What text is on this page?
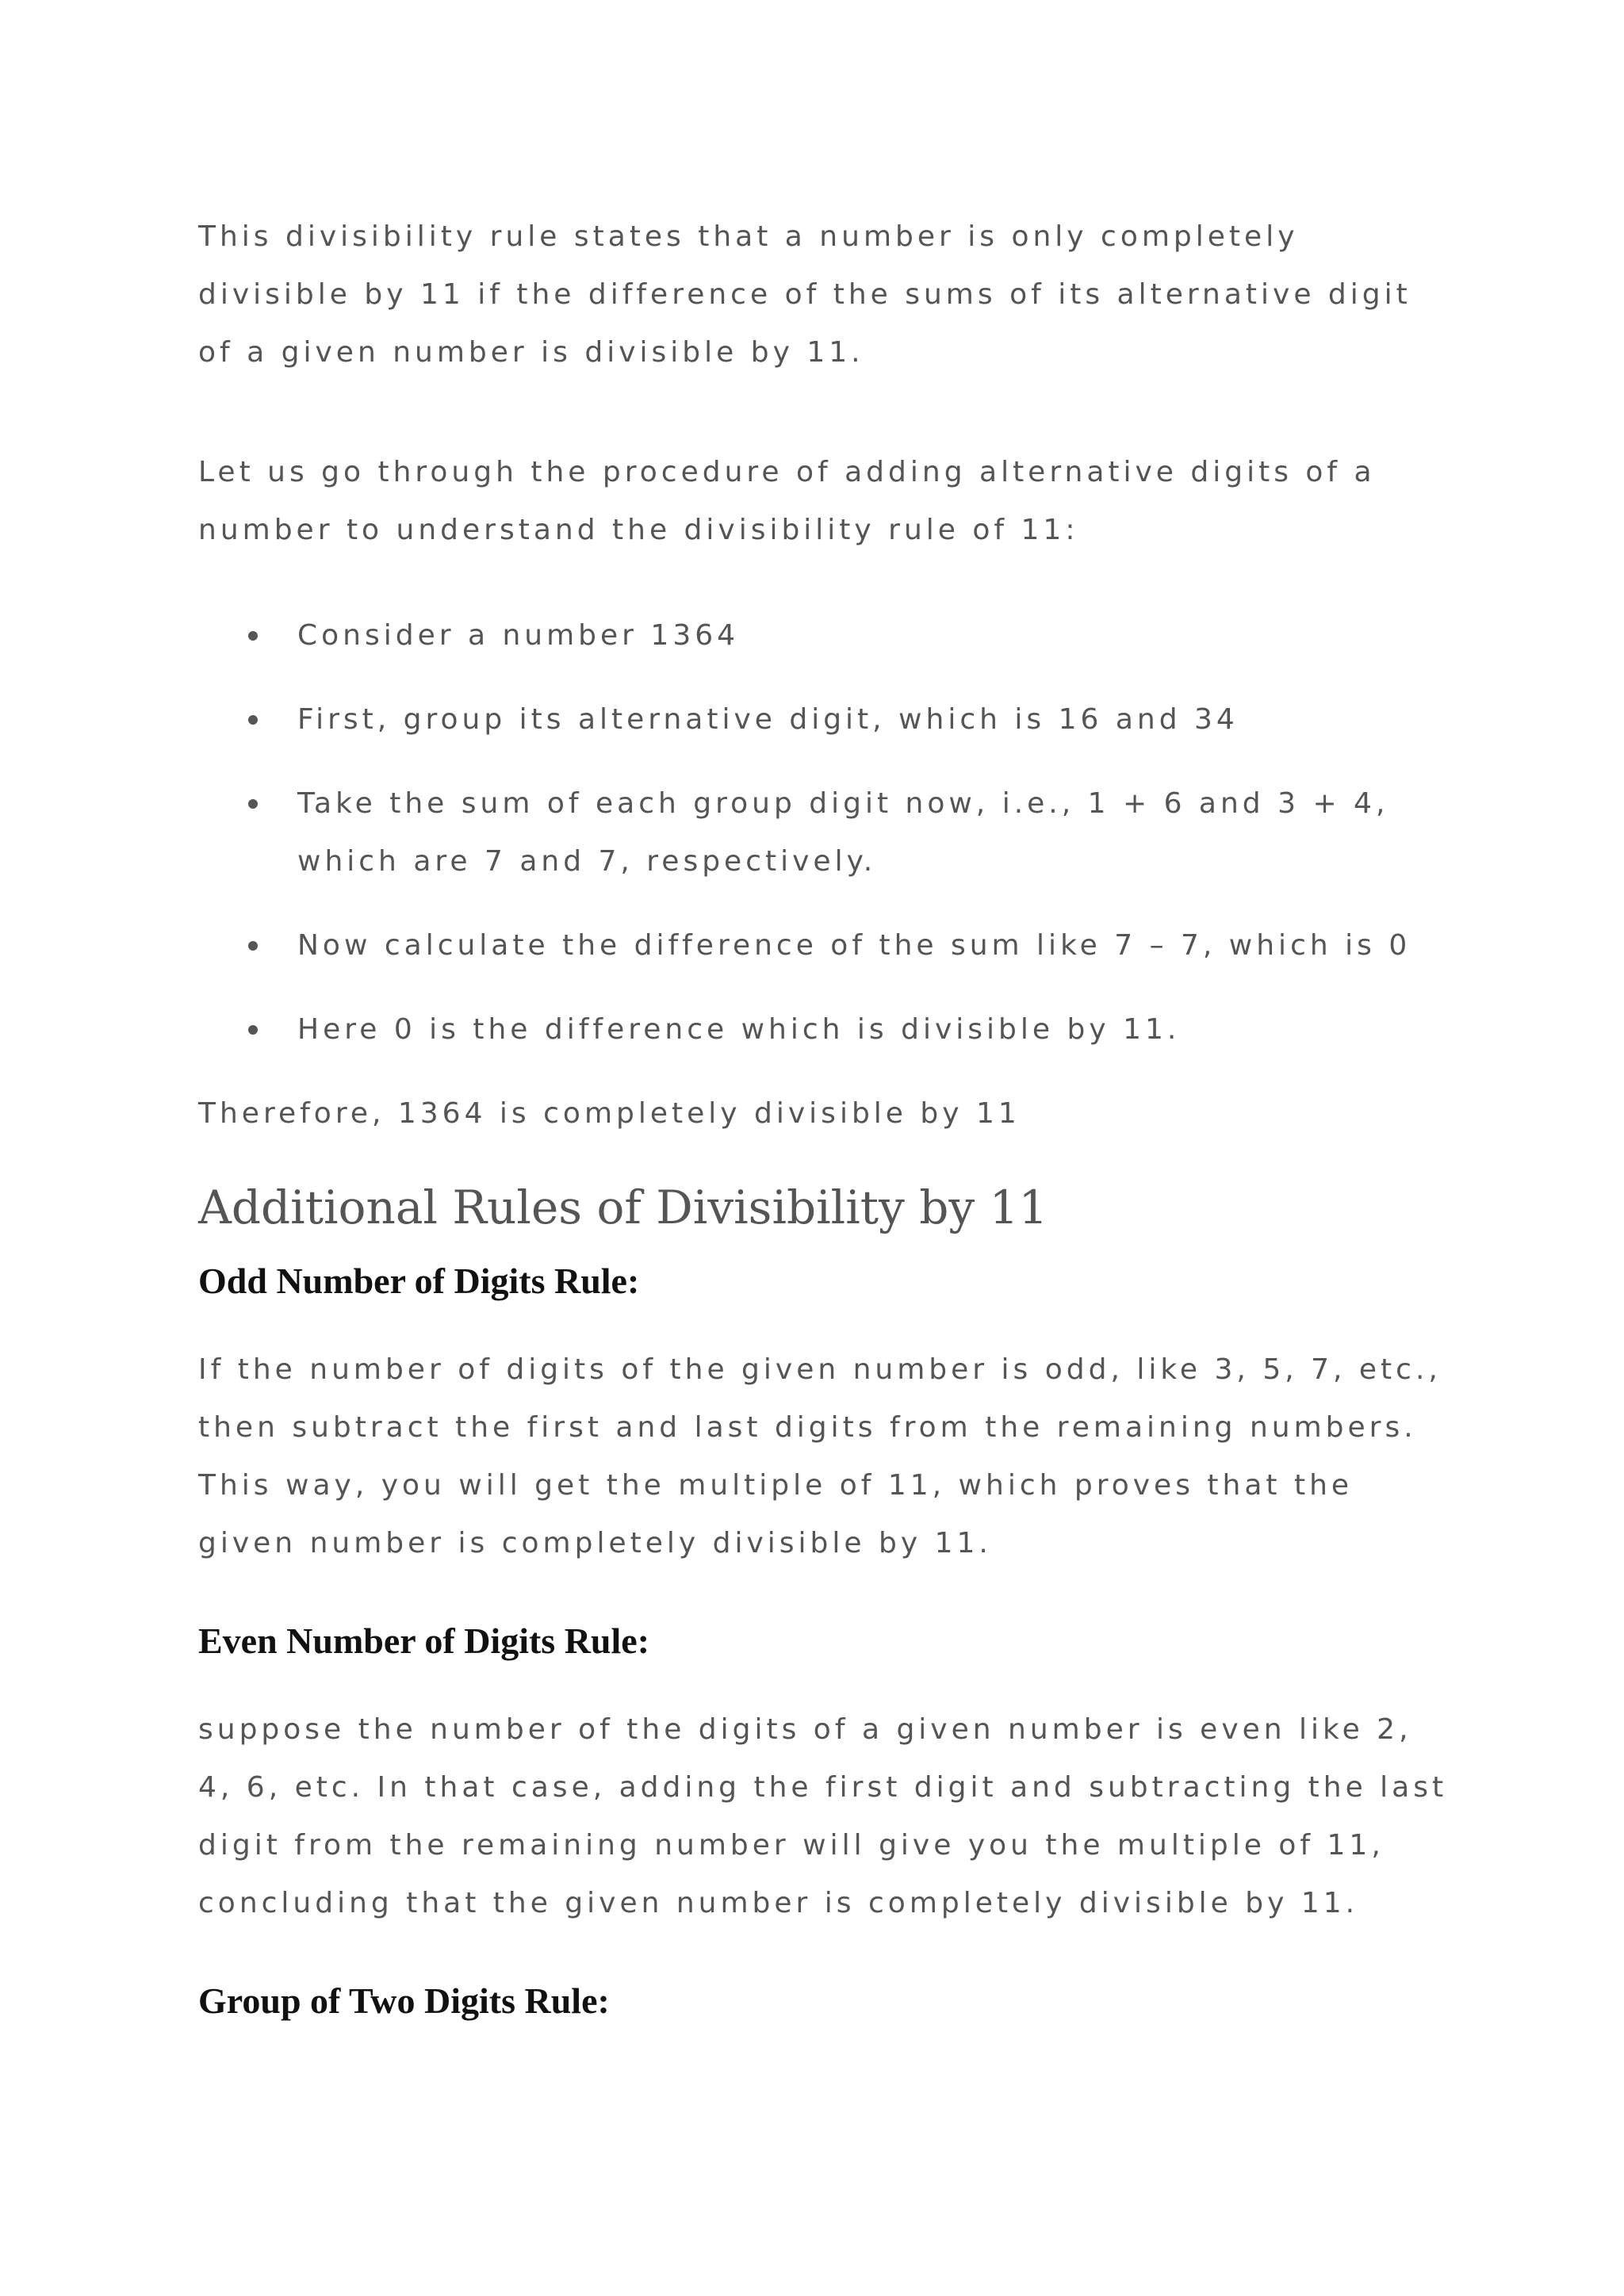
This divisibility rule states that a number is only completely divisible by 11 if the difference of the sums of its alternative digit of a given number is divisible by 11.

Let us go through the procedure of adding alternative digits of a number to understand the divisibility rule of 11:

Consider a number 1364
First, group its alternative digit, which is 16 and 34
Take the sum of each group digit now, i.e., 1 + 6 and 3 + 4, which are 7 and 7, respectively.
Now calculate the difference of the sum like 7 – 7, which is 0
Here 0 is the difference which is divisible by 11.

Therefore, 1364 is completely divisible by 11

Additional Rules of Divisibility by 11
Odd Number of Digits Rule:

If the number of digits of the given number is odd, like 3, 5, 7, etc., then subtract the first and last digits from the remaining numbers. This way, you will get the multiple of 11, which proves that the given number is completely divisible by 11.

Even Number of Digits Rule:

suppose the number of the digits of a given number is even like 2, 4, 6, etc. In that case, adding the first digit and subtracting the last digit from the remaining number will give you the multiple of 11, concluding that the given number is completely divisible by 11.

Group of Two Digits Rule:
